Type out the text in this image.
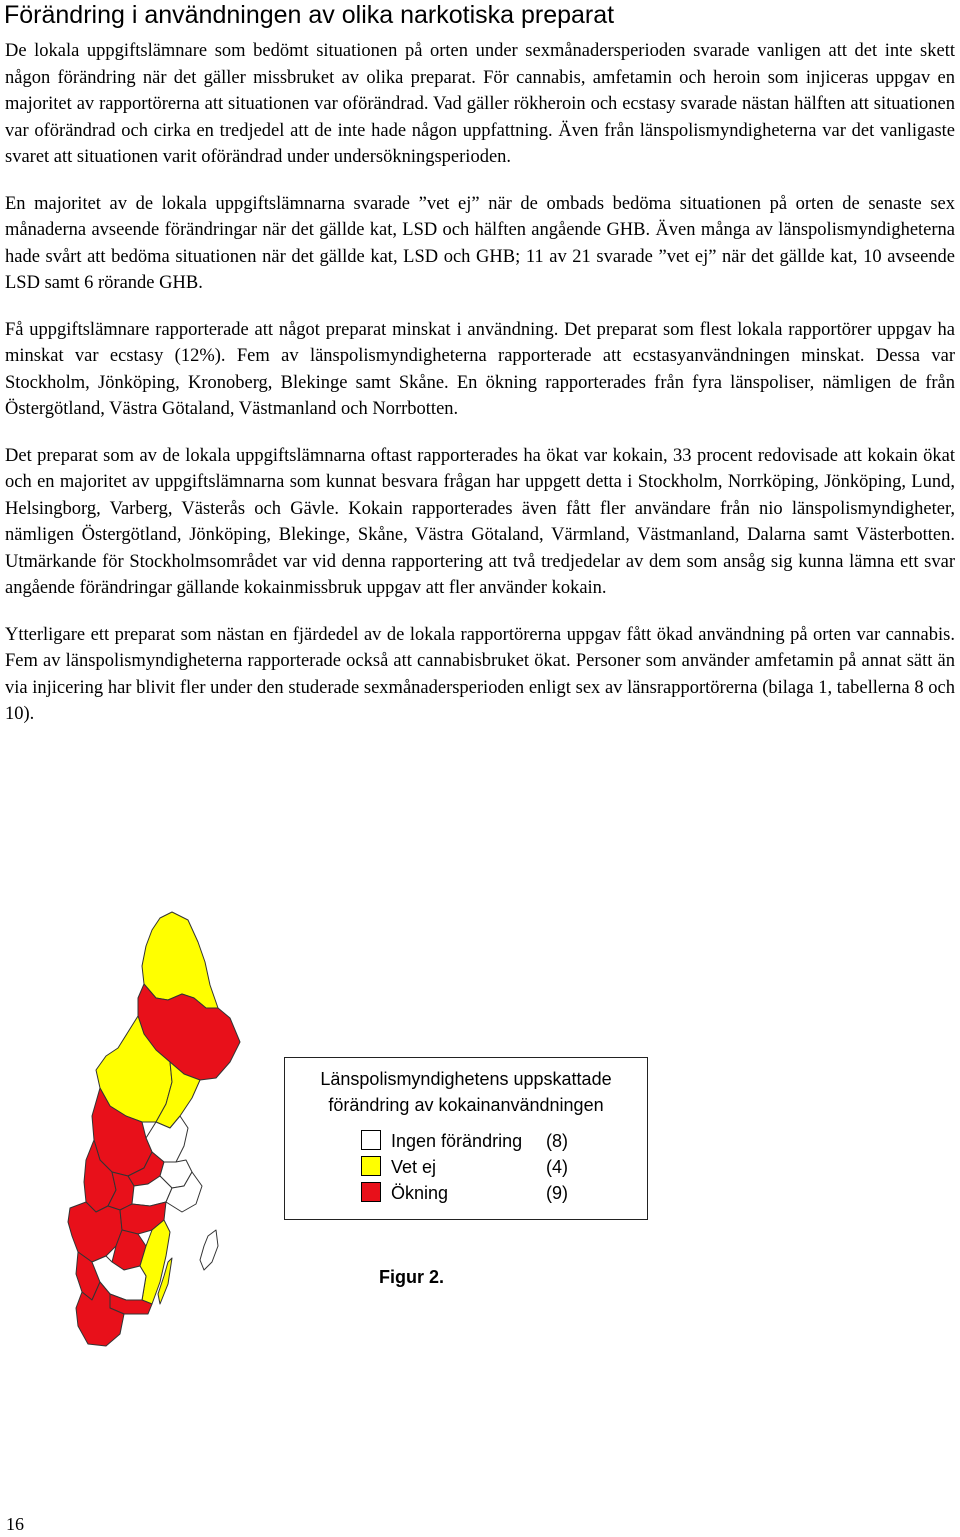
Förändring i användningen av olika narkotiska preparat

De lokala uppgiftslämnare som bedömt situationen på orten under sexmånadersperioden svarade vanligen att det inte skett någon förändring när det gäller missbruket av olika preparat. För cannabis, amfetamin och heroin som injiceras uppgav en majoritet av rapportörerna att situationen var oförändrad. Vad gäller rökheroin och ecstasy svarade nästan hälften att situationen var oförändrad och cirka en tredjedel att de inte hade någon uppfattning. Även från länspolismyndigheterna var det vanligaste svaret att situationen varit oförändrad under undersökningsperioden.

En majoritet av de lokala uppgiftslämnarna svarade ”vet ej” när de ombads bedöma situationen på orten de senaste sex månaderna avseende förändringar när det gällde kat, LSD och hälften angående GHB. Även många av länspolismyndigheterna hade svårt att bedöma situationen när det gällde kat, LSD och GHB; 11 av 21 svarade ”vet ej” när det gällde kat, 10 avseende LSD samt 6 rörande GHB.

Få uppgiftslämnare rapporterade att något preparat minskat i användning. Det preparat som flest lokala rapportörer uppgav ha minskat var ecstasy (12%). Fem av länspolismyndigheterna rapporterade att ecstasyanvändningen minskat. Dessa var Stockholm, Jönköping, Kronoberg, Blekinge samt Skåne. En ökning rapporterades från fyra länspoliser, nämligen de från Östergötland, Västra Götaland, Västmanland och Norrbotten.

Det preparat som av de lokala uppgiftslämnarna oftast rapporterades ha ökat var kokain, 33 procent redovisade att kokain ökat och en majoritet av uppgiftslämnarna som kunnat besvara frågan har uppgett detta i Stockholm, Norrköping, Jönköping, Lund, Helsingborg, Varberg, Västerås och Gävle. Kokain rapporterades även fått fler användare från nio länspolismyndigheter, nämligen Östergötland, Jönköping, Blekinge, Skåne, Västra Götaland, Värmland, Västmanland, Dalarna samt Västerbotten. Utmärkande för Stockholmsområdet var vid denna rapportering att två tredjedelar av dem som ansåg sig kunna lämna ett svar angående förändringar gällande kokainmissbruk uppgav att fler använder kokain.

Ytterligare ett preparat som nästan en fjärdedel av de lokala rapportörerna uppgav fått ökad användning på orten var cannabis. Fem av länspolismyndigheterna rapporterade också att cannabisbruket ökat. Personer som använder amfetamin på annat sätt än via injicering har blivit fler under den studerade sexmånadersperioden enligt sex av länsrapportörerna (bilaga 1, tabellerna 8 och 10).

Länspolismyndighetens uppskattade
förändring av kokainanvändningen
Ingen förändring (8)
Vet ej	(4)
Ökning	(9)
Figur 2.
16
